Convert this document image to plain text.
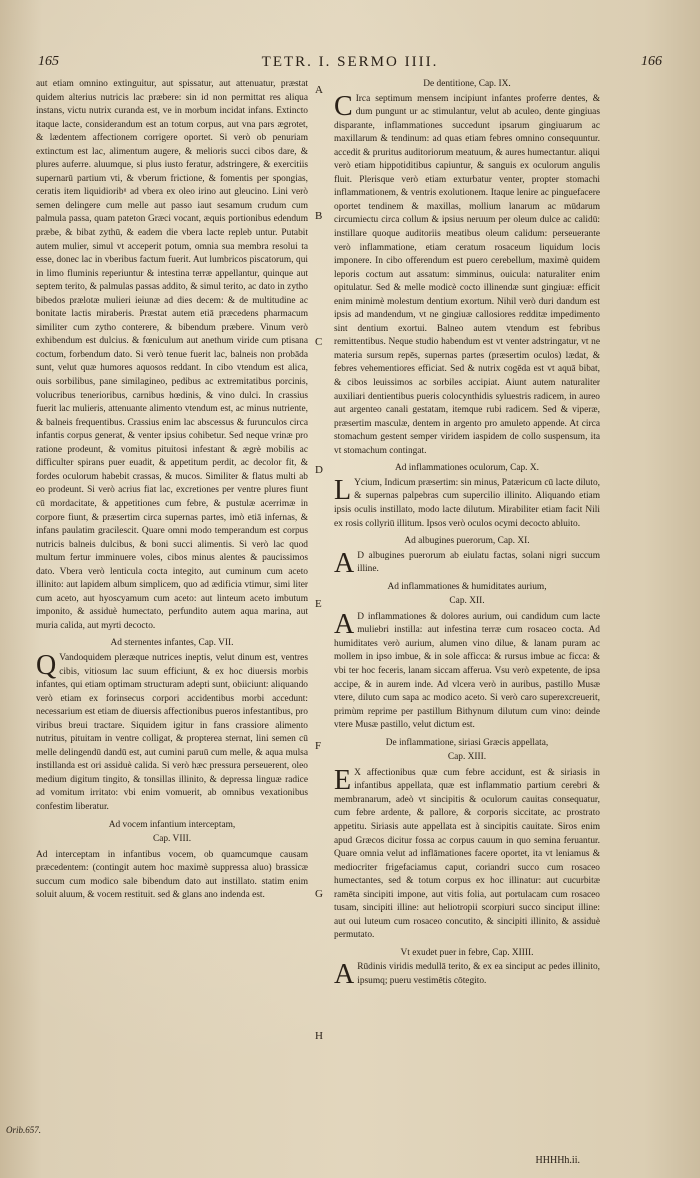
165	TETR. I. SERMO IIII.	166

aut etiam omnino extinguitur, aut spissatur, aut attenuatur, præstat quidem alterius nutricis lac præbere: sin id non permittat res aliqua instans, victu nutrix curanda est, ve in morbum incidat infans. Extincto itaque lacte, considerandum est an totum corpus, aut vna pars ægrotet, & lædentem affectionem corrigere oportet. Si verò ob penuriam extinctum est lac, alimentum augere, & melioris succi cibos dare, & plures auferre. aluumque, si plus iusto feratur, adstringere, & exercitiis supernarū partium vti, & vberum frictione, & fomentis per spongias, ceratis item liquidioribᵘ ad vbera ex oleo irino aut gleucino. Lini verò semen delingere cum melle aut passo iaut sesamum crudum cum palmula passa, quam pateton Græci vocant, æquis portionibus edendum præbe, & bibat zythū, & eadem die vbera lacte repleb untur. Putabit autem mulier, simul vt acceperit potum, omnia sua membra resolui ta esse, donec lac in vberibus factum fuerit. Aut lumbricos piscatorum, qui in limo fluminis reperiuntur & intestina terræ appellantur, quinque aut septem terito, & palmulas passas addito, & simul terito, ac dato in zytho bibedos prælotæ mulieri ieiunæ ad dies decem: & de multitudine ac bonitate lactis miraberis. Præstat autem etiā præcedens pharmacum similiter cum zytho conterere, & bibendum præbere. Vinum verò exhibendum est dulcius. & fœniculum aut anethum viride cum ptisana coctum, forbendum dato. Si verò tenue fuerit lac, balneis non probāda sunt, velut quæ humores aquosos reddant. In cibo vtendum est alica, ouis sorbilibus, pane similagineo, pedibus ac extremitatibus porcinis, volucribus tenerioribus, carnibus hœdinis, & vino dulci. In crassius fuerit lac mulieris, attenuante alimento vtendum est, ac minus nutriente, & balneis frequentibus. Crassius enim lac abscessus & furunculos circa infantis corpus generat, & venter ipsius cohibetur. Sed neque vrinæ pro ratione prodeunt, & vomitus pituitosi infestant & ægrè mobilis ac difficulter spirans puer euadit, & appetitum perdit, ac decolor fit, & fordes oculorum habebit crassas, & mucos. Similiter & flatus multi ab eo prodeunt. Si verò acrius fiat lac, excretiones per ventre plures fiunt cū mordacitate, & appetitiones cum febre, & pustulæ acerrimæ in corpore fiunt, & præsertim circa supernas partes, imò etiā infernas, & infans paulatim gracilescit. Quare omni modo temperandum est corpus nutricis balneis dulcibus, & boni succi alimentis. Si verò lac quod multum fertur imminuere voles, cibos minus alentes & paucissimos dato. Vbera verò lenticula cocta integito, aut cuminum cum aceto illinito: aut lapidem album simplicem, quo ad ædificia vtimur, simi liter cum aceto, aut hyoscyamum cum aceto: aut linteum aceto imbutum imponito, & assiduè humectato, perfundito autem aqua marina, aut muria calida, aut myrti decocto.

Ad sternentes infantes, Cap. VII.

Q Vandoquidem pleræque nutrices ineptis, velut dinum est, ventres cibis, vitiosum lac suum efficiunt, & ex hoc diuersis morbis infantes, qui etiam optimam structuram adepti sunt, obiiciunt: aliquando verò etiam ex forinsecus corpori accidentibus morbi accedunt: necessarium est etiam de diuersis affectionibus pueros infestantibus, pro viribus breui tractare. Siquidem igitur in fans crassiore alimento nutritus, pituitam in ventre colligat, & propterea sternat, lini semen cū melle delingendū dandū est, aut cumini paruū cum melle, & aqua mulsa instillanda est ori assiduè calida. Si verò hæc pressura perseuerent, oleo medium digitum tingito, & tonsillas illinito, & depressa linguæ radice ad vomitum irritato: vbi enim vomuerit, ab omnibus vexationibus confestim liberatur.

Ad vocem infantium interceptam,
Cap. VIII.

Ad interceptam in infantibus vocem, ob quamcumque causam præcedentem: (contingit autem hoc maximè suppressa aluo) brassicæ succum cum modico sale bibendum dato aut instillato. statim enim soluit aluum, & vocem restituit. sed & glans ano indenda est.

A
B
C
D
E
F
G
H
De dentitione, Cap. IX.

C Irca septimum mensem incipiunt infantes proferre dentes, & dum pungunt ur ac stimulantur, velut ab aculeo, dente gingiuas disparante, inflammationes succedunt ipsarum gingiuarum ac maxillarum & tendinum: ad quas etiam febres omnino consequuntur. accedit & pruritus auditoriorum meatuum, & aures humectantur. aliqui verò etiam hippotiditibus capiuntur, & sanguis ex oculorum angulis fluit. Plerisque verò etiam exturbatur venter, propter stomachi inflammationem, & ventris exolutionem. Itaque lenire ac pinguefacere oportet tendinem & maxillas, mollium lanarum ac mūdarum circumiectu circa collum & ipsius neruum per oleum dulce ac calidū: instillare quoque auditoriis meatibus oleum calidum: perseuerante verò inflammatione, etiam ceratum rosaceum liquidum locis imponere. In cibo offerendum est puero cerebellum, maximè quidem leporis coctum aut assatum: simminus, ouicula: naturaliter enim opitulatur. Sed & melle modicè cocto illinendæ sunt gingiuæ: efficit enim minimè molestum dentium exortum. Nihil verò duri dandum est ipsis ad mandendum, vt ne gingiuæ callosiores redditæ impedimento sint dentium exortui. Balneo autem vtendum est febribus remittentibus. Neque studio habendum est vt venter adstringatur, vt ne materia sursum repēs, supernas partes (præsertim oculos) lædat, & febres vehementiores efficiat. Sed & nutrix cogēda est vt aquā bibat, & cibos leuissimos ac sorbiles accipiat. Aiunt autem naturaliter auxiliari dentientibus pueris colocynthidis syluestris radicem, in aureo aut argenteo canali gestatam, itemque rubi radicem. Sed & viperæ, præsertim masculæ, dentem in argento pro amuleto appende. At circa stomachum gestent semper viridem iaspidem de collo suspensum, ita vt stomachum contingat.

Ad inflammationes oculorum, Cap. X.

L Ycium, Indicum præsertim: sin minus, Patæricum cū lacte diluto, & supernas palpebras cum supercilio illinito. Aliquando etiam ipsis oculis instillato, modo lacte dilutum. Mirabiliter etiam facit Nili ex rosis collyriū illitum. Ipsos verò oculos ocymi decocto abluito.

Ad albugines puerorum, Cap. XI.

A D albugines puerorum ab eiulatu factas, solani nigri succum illine.

Ad inflammationes & humiditates aurium,
Cap. XII.

A D inflammationes & dolores aurium, oui candidum cum lacte muliebri instilla: aut infestina terræ cum rosaceo cocta. Ad humiditates verò aurium, alumen vino dilue, & lanam puram ac mollem in ipso imbue, & in sole afficca: & rursus imbue ac ficca: & vbi ter hoc feceris, lanam siccam afferua. Vsu verò expetente, de ipsa accipe, & in aurem inde. Ad vlcera verò in auribus, pastillo Musæ vtere, diluto cum sapa ac modico aceto. Si verò caro superexcreuerit, primùm reprime per pastillum Bithynum dilutum cum vino: deinde vtere Musæ pastillo, velut dictum est.

De inflammatione, siriasi Græcis appellata,
Cap. XIII.

E X affectionibus quæ cum febre accidunt, est & siriasis in infantibus appellata, quæ est inflammatio partium cerebri & membranarum, adeò vt sincipitis & oculorum cauitas consequatur, cum febre ardente, & pallore, & corporis siccitate, ac prostrato appetitu. Siriasis aute appellata est à sincipitis cauitate. Siros enim apud Græcos dicitur fossa ac corpus cauum in quo semina feruantur. Quare omnia velut ad inflāmationes facere oportet, ita vt leniamus & mediocriter frigefaciamus caput, coriandri succo cum rosaceo humectantes, sed & totum corpus ex hoc illinatur: aut cucurbitæ ramēta sincipiti impone, aut vitis folia, aut portulacam cum rosaceo tusam, sincipiti illine: aut heliotropii scorpiuri succo sinciput illine: aut oui luteum cum rosaceo concutito, & sincipiti illinito, & assiduè permutato.

Vt exudet puer in febre, Cap. XIIII.

A Rūdinis viridis medullā terito, & ex ea sinciput ac pedes illinito, ipsumq; pueru vestimētis cōtegito.

Orib.657.
HHHHh.ii.
